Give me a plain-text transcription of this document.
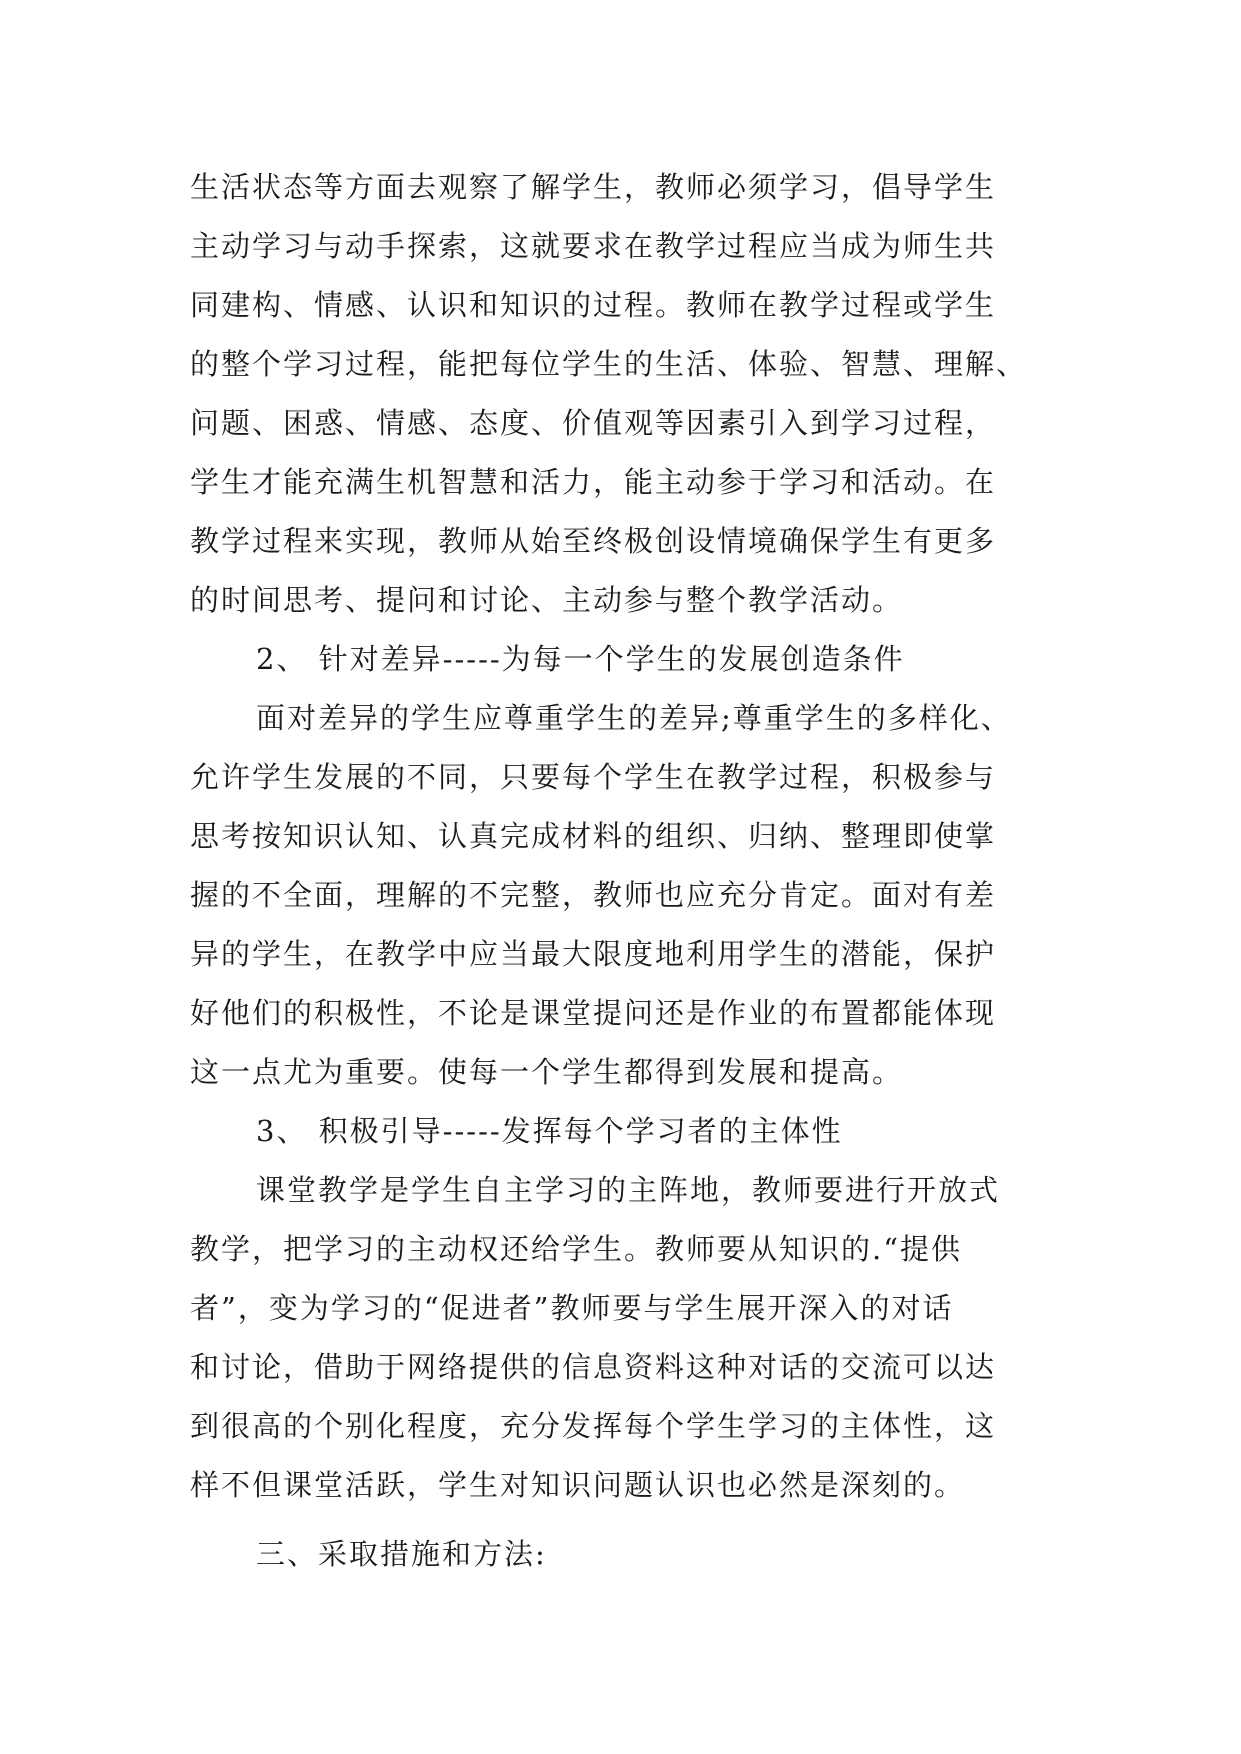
生活状态等方面去观察了解学生，教师必须学习，倡导学生
主动学习与动手探索，这就要求在教学过程应当成为师生共
同建构、情感、认识和知识的过程。教师在教学过程或学生
的整个学习过程，能把每位学生的生活、体验、智慧、理解、
问题、困惑、情感、态度、价值观等因素引入到学习过程，
学生才能充满生机智慧和活力，能主动参于学习和活动。在
教学过程来实现，教师从始至终极创设情境确保学生有更多
的时间思考、提问和讨论、主动参与整个教学活动。
2、 针对差异-----为每一个学生的发展创造条件
面对差异的学生应尊重学生的差异;尊重学生的多样化、
允许学生发展的不同，只要每个学生在教学过程，积极参与
思考按知识认知、认真完成材料的组织、归纳、整理即使掌
握的不全面，理解的不完整，教师也应充分肯定。面对有差
异的学生，在教学中应当最大限度地利用学生的潜能，保护
好他们的积极性，不论是课堂提问还是作业的布置都能体现
这一点尤为重要。使每一个学生都得到发展和提高。
3、 积极引导-----发挥每个学习者的主体性
课堂教学是学生自主学习的主阵地，教师要进行开放式
教学，把学习的主动权还给学生。教师要从知识的.“提供
者”，变为学习的“促进者”教师要与学生展开深入的对话
和讨论，借助于网络提供的信息资料这种对话的交流可以达
到很高的个别化程度，充分发挥每个学生学习的主体性，这
样不但课堂活跃，学生对知识问题认识也必然是深刻的。
三、采取措施和方法:
